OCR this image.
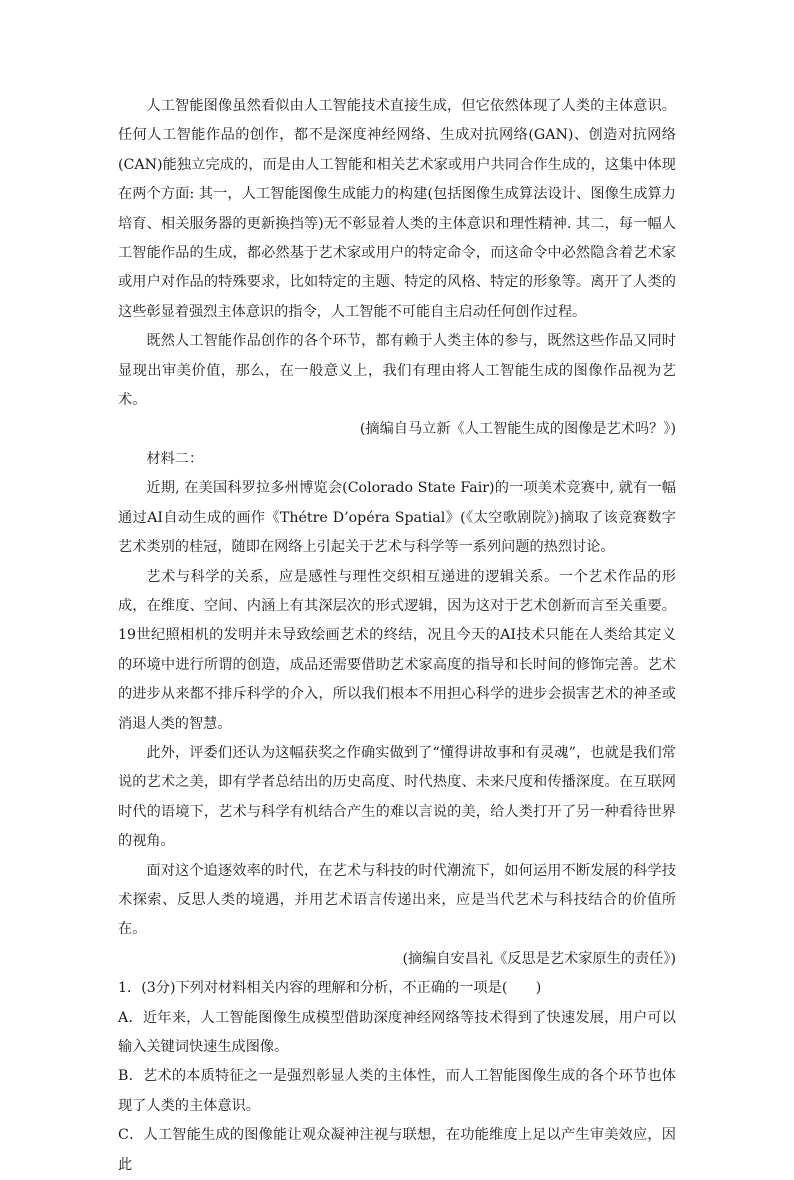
人工智能图像虽然看似由人工智能技术直接生成，但它依然体现了人类的主体意识。任何人工智能作品的创作，都不是深度神经网络、生成对抗网络(GAN)、创造对抗网络(CAN)能独立完成的，而是由人工智能和相关艺术家或用户共同合作生成的，这集中体现在两个方面: 其一，人工智能图像生成能力的构建(包括图像生成算法设计、图像生成算力培育、相关服务器的更新换挡等)无不彰显着人类的主体意识和理性精神. 其二，每一幅人工智能作品的生成，都必然基于艺术家或用户的特定命令，而这命令中必然隐含着艺术家或用户对作品的特殊要求，比如特定的主题、特定的风格、特定的形象等。离开了人类的这些彰显着强烈主体意识的指令，人工智能不可能自主启动任何创作过程。

既然人工智能作品创作的各个环节，都有赖于人类主体的参与，既然这些作品又同时显现出审美价值，那么，在一般意义上，我们有理由将人工智能生成的图像作品视为艺术。

(摘编自马立新《人工智能生成的图像是艺术吗？》)

材料二：

近期, 在美国科罗拉多州博览会(Colorado State Fair)的一项美术竞赛中, 就有一幅通过AI自动生成的画作《Thétre D’opéra Spatial》(《太空歌剧院》)摘取了该竞赛数字艺术类别的桂冠，随即在网络上引起关于艺术与科学等一系列问题的热烈讨论。

艺术与科学的关系，应是感性与理性交织相互递进的逻辑关系。一个艺术作品的形成，在维度、空间、内涵上有其深层次的形式逻辑，因为这对于艺术创新而言至关重要。19世纪照相机的发明并未导致绘画艺术的终结，况且今天的AI技术只能在人类给其定义的环境中进行所谓的创造，成品还需要借助艺术家高度的指导和长时间的修饰完善。艺术的进步从来都不排斥科学的介入，所以我们根本不用担心科学的进步会损害艺术的神圣或消退人类的智慧。

此外，评委们还认为这幅获奖之作确实做到了“懂得讲故事和有灵魂”，也就是我们常说的艺术之美，即有学者总结出的历史高度、时代热度、未来尺度和传播深度。在互联网时代的语境下，艺术与科学有机结合产生的难以言说的美，给人类打开了另一种看待世界的视角。

面对这个追逐效率的时代，在艺术与科技的时代潮流下，如何运用不断发展的科学技术探索、反思人类的境遇，并用艺术语言传递出来，应是当代艺术与科技结合的价值所在。

(摘编自安昌礼《反思是艺术家原生的责任》)

1．(3分)下列对材料相关内容的理解和分析，不正确的一项是(　　)

A．近年来，人工智能图像生成模型借助深度神经网络等技术得到了快速发展，用户可以输入关键词快速生成图像。

B．艺术的本质特征之一是强烈彰显人类的主体性，而人工智能图像生成的各个环节也体现了人类的主体意识。

C．人工智能生成的图像能让观众凝神注视与联想，在功能维度上足以产生审美效应，因此
